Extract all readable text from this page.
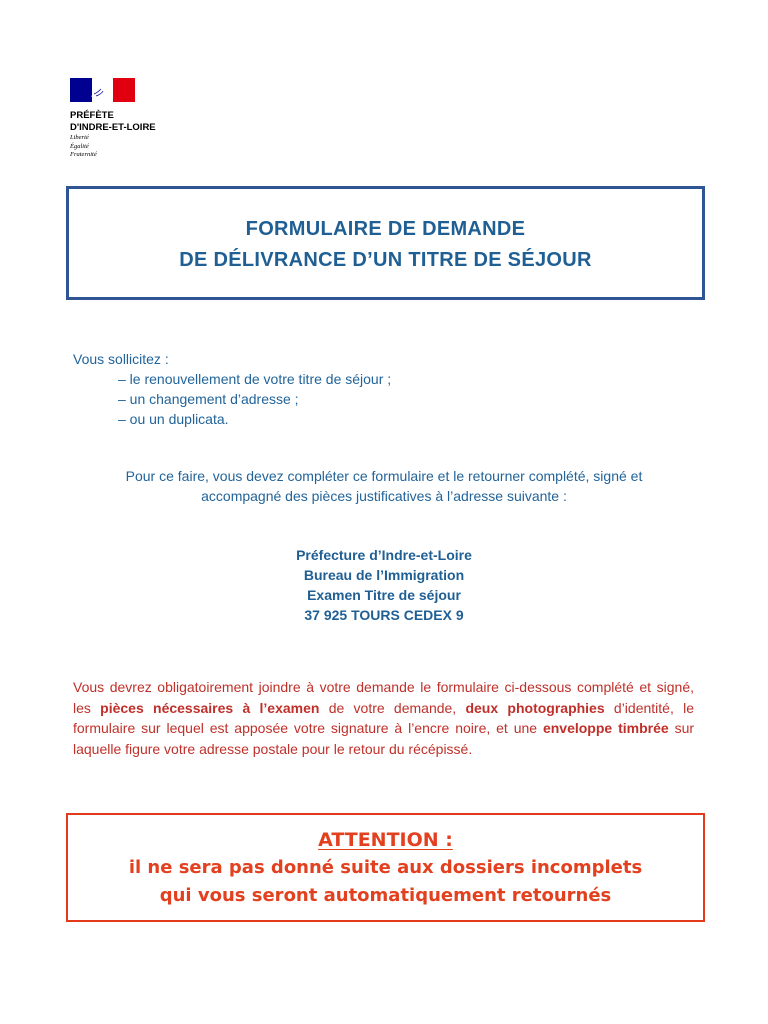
PRÉFÈTE
D'INDRE-ET-LOIRE
Liberté
Égalité
Fraternité
FORMULAIRE DE DEMANDE
DE DÉLIVRANCE D’UN TITRE DE SÉJOUR
Vous sollicitez :
– le renouvellement de votre titre de séjour ;
– un changement d’adresse ;
– ou un duplicata.
Pour ce faire, vous devez compléter ce formulaire et le retourner complété, signé et
accompagné des pièces justificatives à l’adresse suivante :
Préfecture d’Indre-et-Loire
Bureau de l’Immigration
Examen Titre de séjour
37 925 TOURS CEDEX 9
Vous devrez obligatoirement joindre à votre demande le formulaire ci-dessous complété et signé, les pièces nécessaires à l’examen de votre demande, deux photographies d’identité, le formulaire sur lequel est apposée votre signature à l’encre noire, et une enveloppe timbrée sur laquelle figure votre adresse postale pour le retour du récépissé.
ATTENTION :
il ne sera pas donné suite aux dossiers incomplets
qui vous seront automatiquement retournés
